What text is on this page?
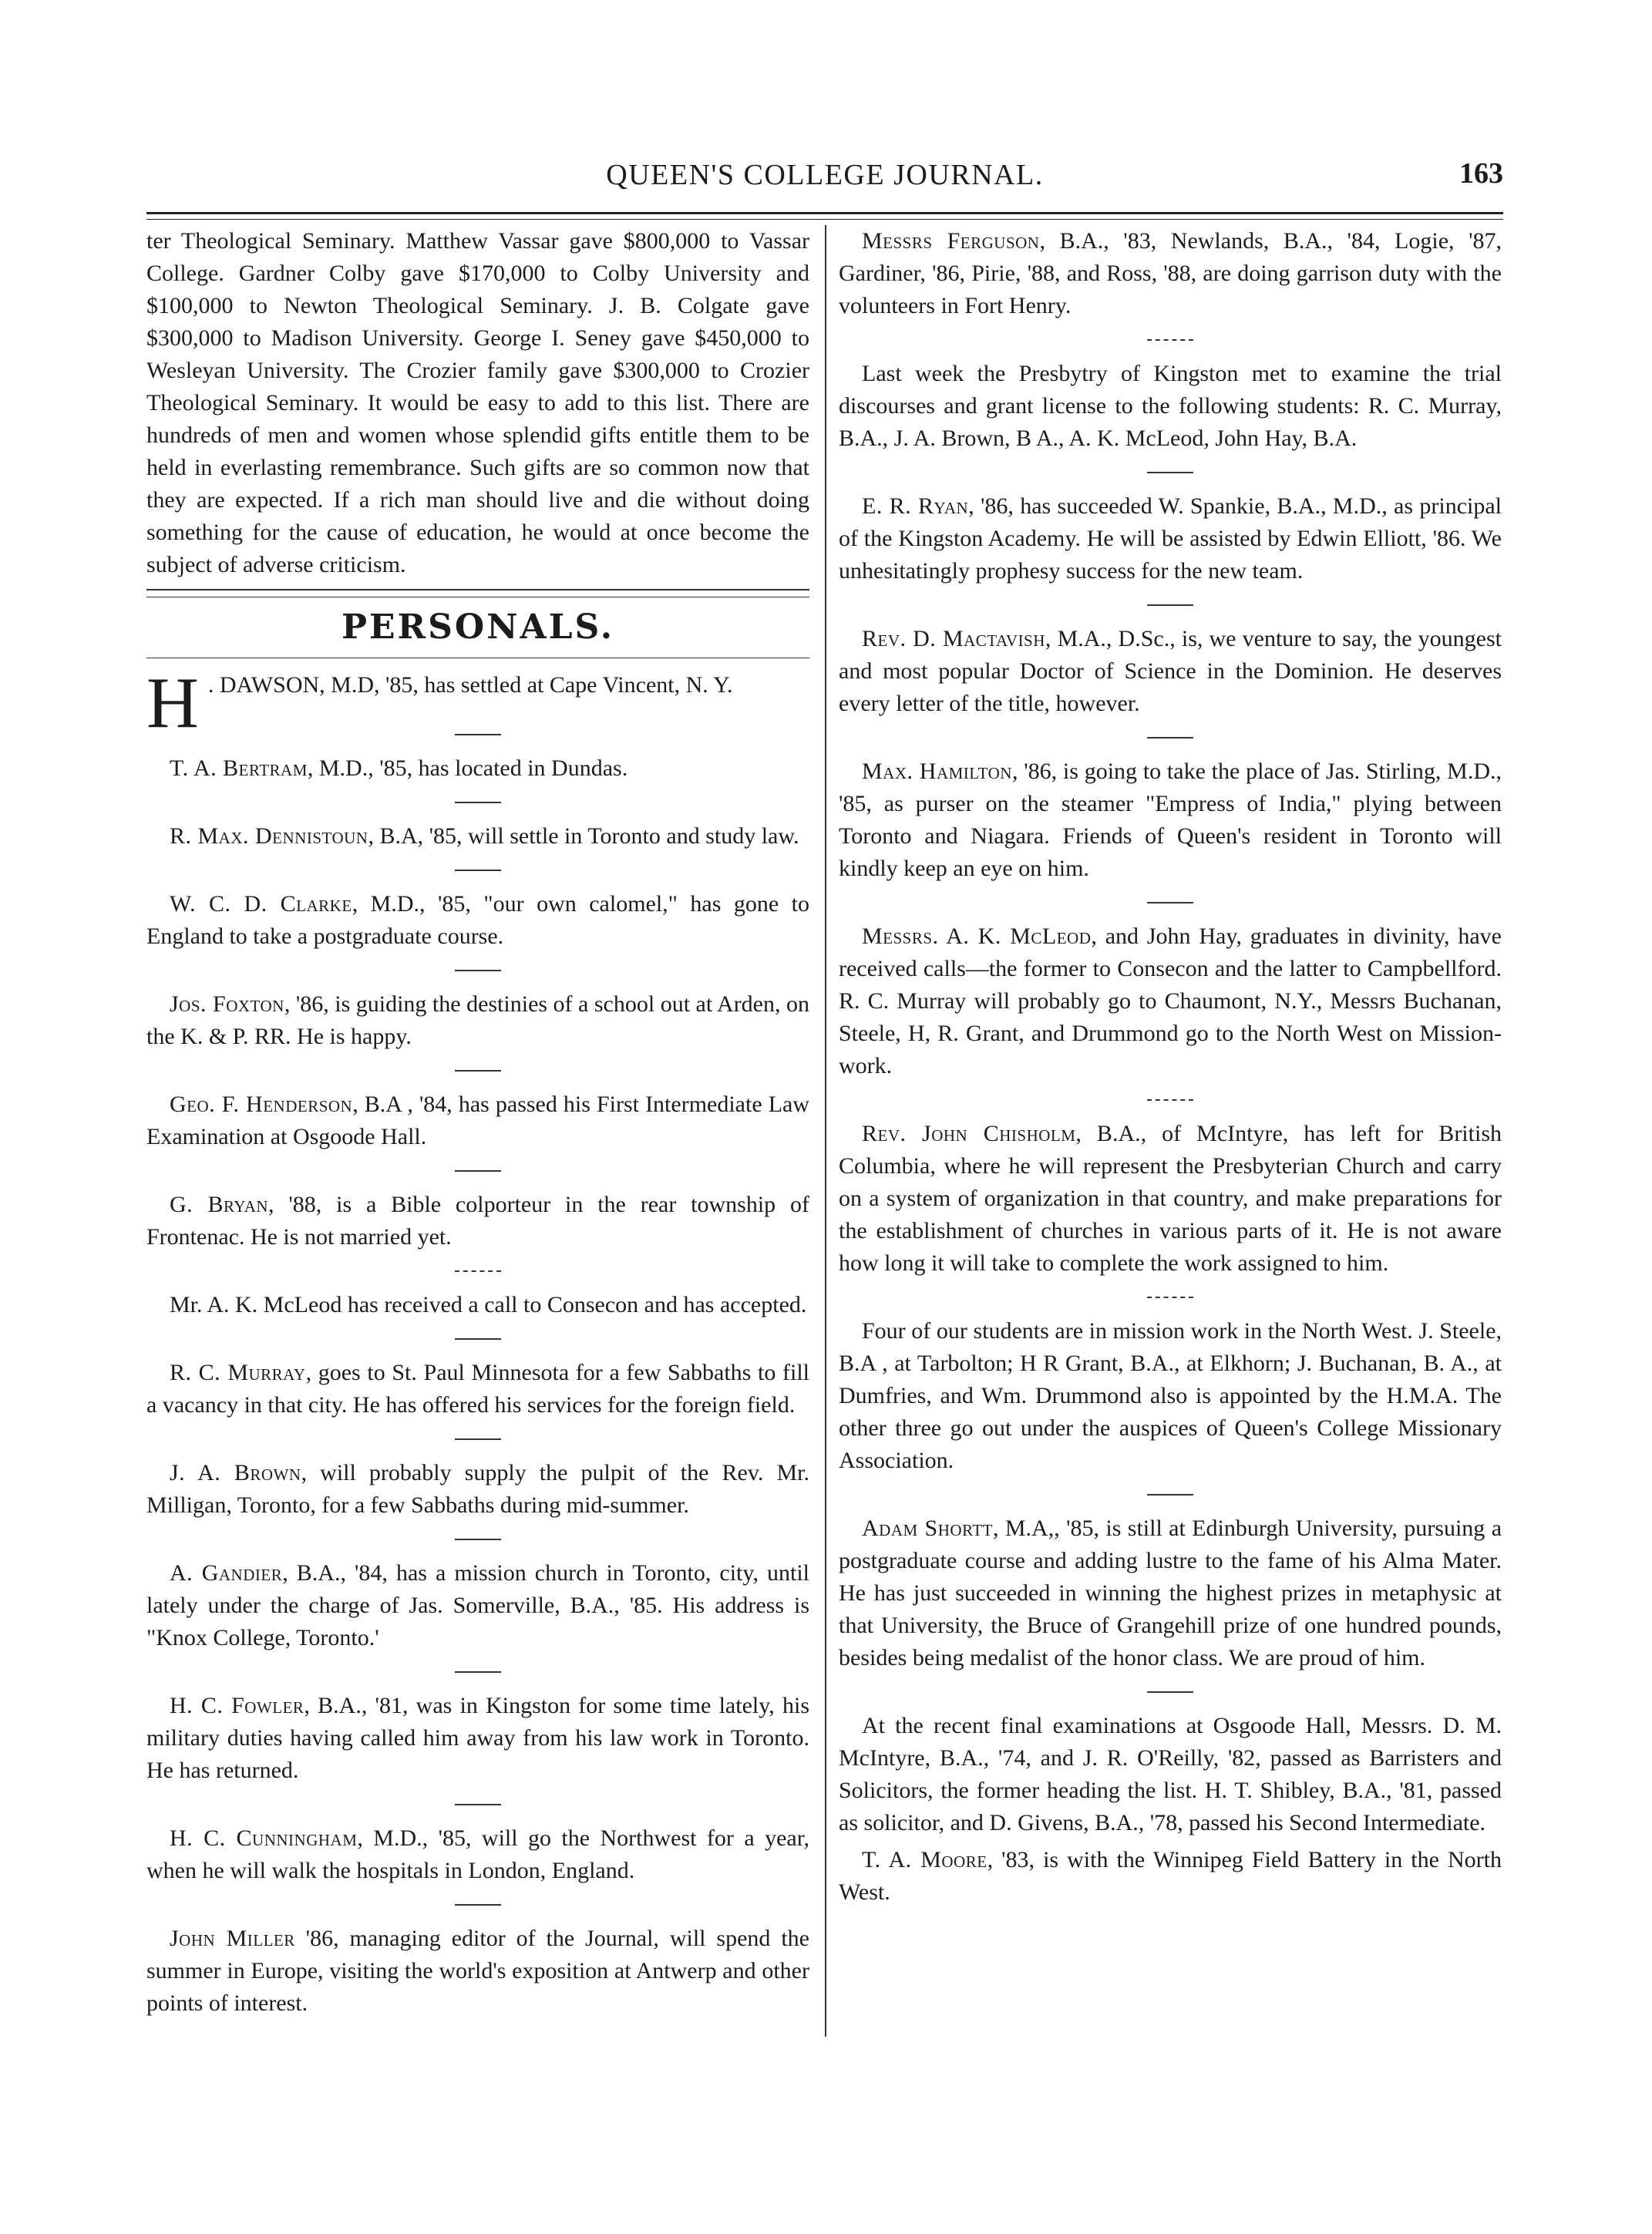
QUEEN'S COLLEGE JOURNAL.	163

ter Theological Seminary. Matthew Vassar gave $800,000 to Vassar College. Gardner Colby gave $170,000 to Colby University and $100,000 to Newton Theological Seminary. J. B. Colgate gave $300,000 to Madison University. George I. Seney gave $450,000 to Wesleyan University. The Crozier family gave $300,000 to Crozier Theological Seminary. It would be easy to add to this list. There are hundreds of men and women whose splendid gifts entitle them to be held in everlasting remembrance. Such gifts are so common now that they are expected. If a rich man should live and die without doing something for the cause of education, he would at once become the subject of adverse criticism.

PERSONALS.
H . DAWSON, M.D, '85, has settled at Cape Vincent, N. Y.

T. A. Bertram, M.D., '85, has located in Dundas.

R. Max. Dennistoun, B.A, '85, will settle in Toronto and study law.

W. C. D. Clarke, M.D., '85, "our own calomel," has gone to England to take a postgraduate course.

Jos. Foxton, '86, is guiding the destinies of a school out at Arden, on the K. & P. RR. He is happy.

Geo. F. Henderson, B.A , '84, has passed his First Intermediate Law Examination at Osgoode Hall.

G. Bryan, '88, is a Bible colporteur in the rear township of Frontenac. He is not married yet.

Mr. A. K. McLeod has received a call to Consecon and has accepted.

R. C. Murray, goes to St. Paul Minnesota for a few Sabbaths to fill a vacancy in that city. He has offered his services for the foreign field.

J. A. Brown, will probably supply the pulpit of the Rev. Mr. Milligan, Toronto, for a few Sabbaths during mid-summer.

A. Gandier, B.A., '84, has a mission church in Toronto, city, until lately under the charge of Jas. Somerville, B.A., '85. His address is "Knox College, Toronto.'

H. C. Fowler, B.A., '81, was in Kingston for some time lately, his military duties having called him away from his law work in Toronto. He has returned.

H. C. Cunningham, M.D., '85, will go the Northwest for a year, when he will walk the hospitals in London, England.

John Miller '86, managing editor of the Journal, will spend the summer in Europe, visiting the world's exposition at Antwerp and other points of interest.

Messrs Ferguson, B.A., '83, Newlands, B.A., '84, Logie, '87, Gardiner, '86, Pirie, '88, and Ross, '88, are doing garrison duty with the volunteers in Fort Henry.

Last week the Presbytry of Kingston met to examine the trial discourses and grant license to the following students: R. C. Murray, B.A., J. A. Brown, B A., A. K. McLeod, John Hay, B.A.

E. R. Ryan, '86, has succeeded W. Spankie, B.A., M.D., as principal of the Kingston Academy. He will be assisted by Edwin Elliott, '86. We unhesitatingly prophesy success for the new team.

Rev. D. Mactavish, M.A., D.Sc., is, we venture to say, the youngest and most popular Doctor of Science in the Dominion. He deserves every letter of the title, however.

Max. Hamilton, '86, is going to take the place of Jas. Stirling, M.D., '85, as purser on the steamer "Empress of India," plying between Toronto and Niagara. Friends of Queen's resident in Toronto will kindly keep an eye on him.

Messrs. A. K. McLeod, and John Hay, graduates in divinity, have received calls—the former to Consecon and the latter to Campbellford. R. C. Murray will probably go to Chaumont, N.Y., Messrs Buchanan, Steele, H, R. Grant, and Drummond go to the North West on Mission-work.

Rev. John Chisholm, B.A., of McIntyre, has left for British Columbia, where he will represent the Presbyterian Church and carry on a system of organization in that country, and make preparations for the establishment of churches in various parts of it. He is not aware how long it will take to complete the work assigned to him.

Four of our students are in mission work in the North West. J. Steele, B.A , at Tarbolton; H R Grant, B.A., at Elkhorn; J. Buchanan, B. A., at Dumfries, and Wm. Drummond also is appointed by the H.M.A. The other three go out under the auspices of Queen's College Missionary Association.

Adam Shortt, M.A,, '85, is still at Edinburgh University, pursuing a postgraduate course and adding lustre to the fame of his Alma Mater. He has just succeeded in winning the highest prizes in metaphysic at that University, the Bruce of Grangehill prize of one hundred pounds, besides being medalist of the honor class. We are proud of him.

At the recent final examinations at Osgoode Hall, Messrs. D. M. McIntyre, B.A., '74, and J. R. O'Reilly, '82, passed as Barristers and Solicitors, the former heading the list. H. T. Shibley, B.A., '81, passed as solicitor, and D. Givens, B.A., '78, passed his Second Intermediate.

T. A. Moore, '83, is with the Winnipeg Field Battery in the North West.
